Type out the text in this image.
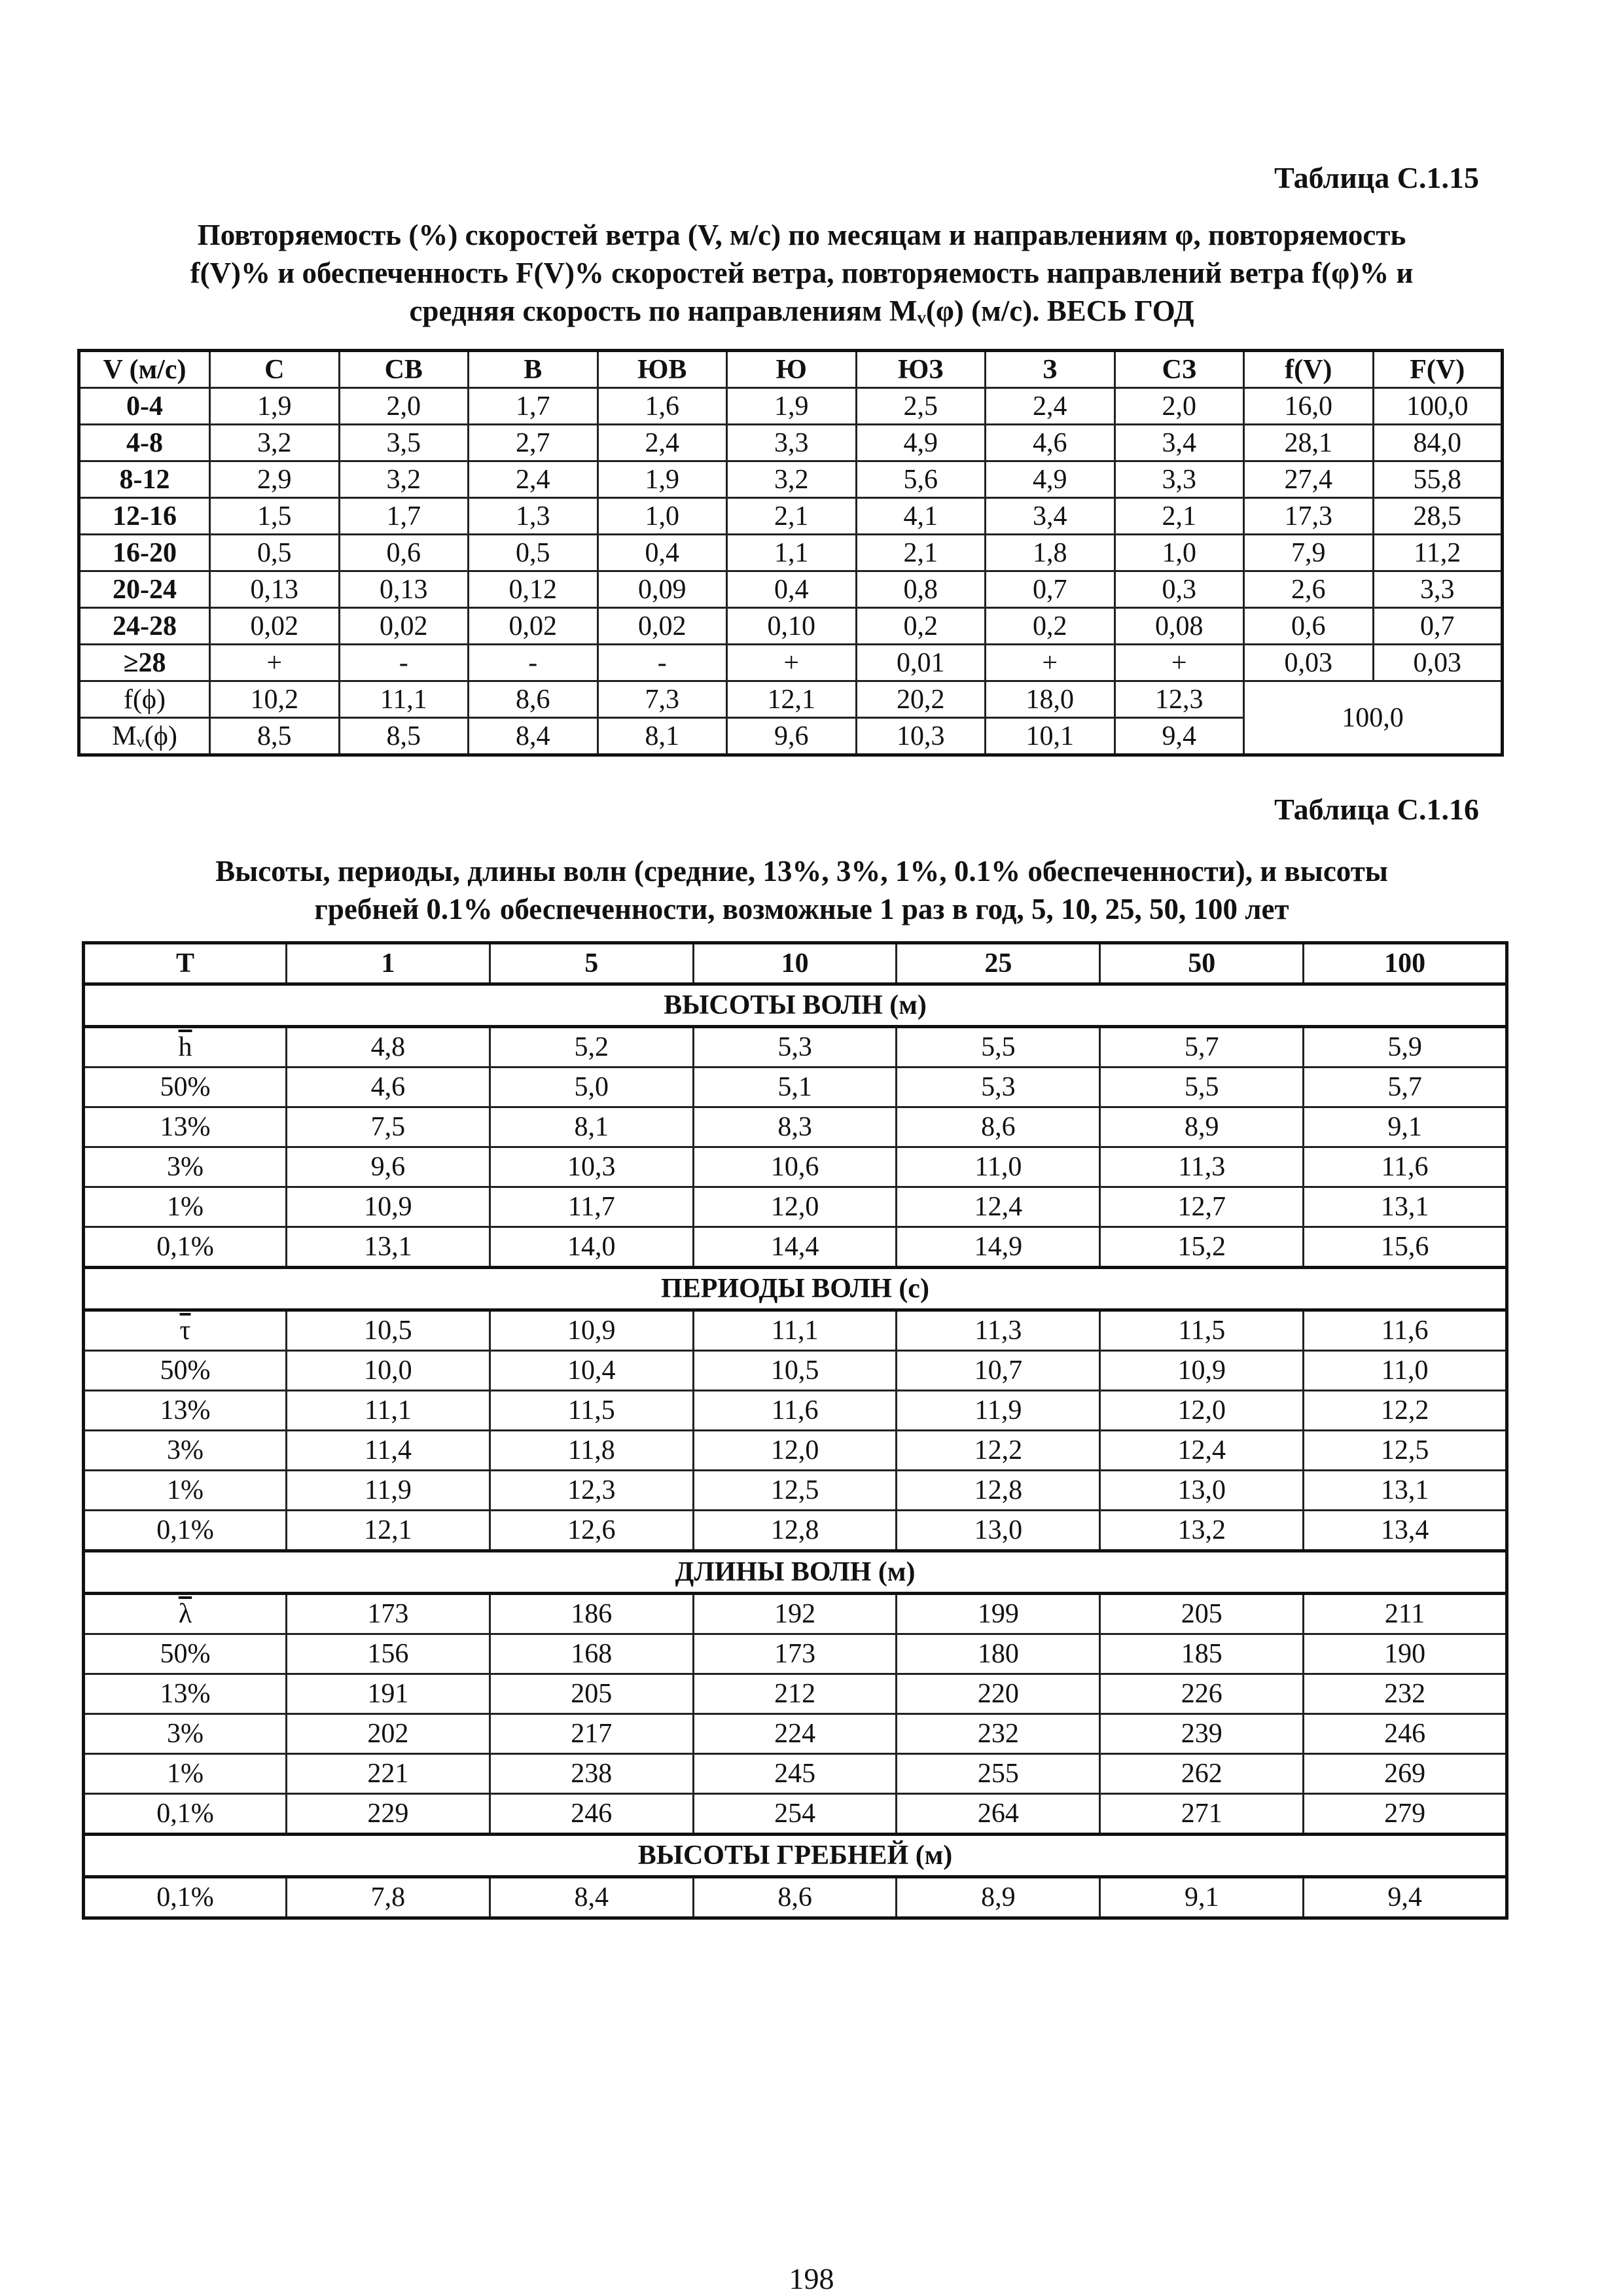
Таблица С.1.15
Повторяемость (%) скоростей ветра (V, м/с) по месяцам и направлениям φ, повторяемость
f(V)% и обеспеченность F(V)% скоростей ветра, повторяемость направлений ветра f(φ)% и
средняя скорость по направлениям Mᵥ(φ) (м/с). ВЕСЬ ГОД
V (м/с)	С	СВ	В	ЮВ	Ю	ЮЗ	З	СЗ	f(V)	F(V)
0-4	1,9	2,0	1,7	1,6	1,9	2,5	2,4	2,0	16,0	100,0
4-8	3,2	3,5	2,7	2,4	3,3	4,9	4,6	3,4	28,1	84,0
8-12	2,9	3,2	2,4	1,9	3,2	5,6	4,9	3,3	27,4	55,8
12-16	1,5	1,7	1,3	1,0	2,1	4,1	3,4	2,1	17,3	28,5
16-20	0,5	0,6	0,5	0,4	1,1	2,1	1,8	1,0	7,9	11,2
20-24	0,13	0,13	0,12	0,09	0,4	0,8	0,7	0,3	2,6	3,3
24-28	0,02	0,02	0,02	0,02	0,10	0,2	0,2	0,08	0,6	0,7
≥28	+	-	-	-	+	0,01	+	+	0,03	0,03
f(ϕ)	10,2	11,1	8,6	7,3	12,1	20,2	18,0	12,3	100,0	
Mᵥ(ϕ)	8,5	8,5	8,4	8,1	9,6	10,3	10,1	9,4		
Таблица С.1.16
Высоты, периоды, длины волн (средние, 13%, 3%, 1%, 0.1% обеспеченности), и высоты
гребней 0.1% обеспеченности, возможные 1 раз в год, 5, 10, 25, 50, 100 лет
T	1	5	10	25	50	100
ВЫСОТЫ ВОЛН (м)						
$\overline{h}$	4,8	5,2	5,3	5,5	5,7	5,9
50%	4,6	5,0	5,1	5,3	5,5	5,7
13%	7,5	8,1	8,3	8,6	8,9	9,1
3%	9,6	10,3	10,6	11,0	11,3	11,6
1%	10,9	11,7	12,0	12,4	12,7	13,1
0,1%	13,1	14,0	14,4	14,9	15,2	15,6
ПЕРИОДЫ ВОЛН (с)						
$\overline{\tau}$	10,5	10,9	11,1	11,3	11,5	11,6
50%	10,0	10,4	10,5	10,7	10,9	11,0
13%	11,1	11,5	11,6	11,9	12,0	12,2
3%	11,4	11,8	12,0	12,2	12,4	12,5
1%	11,9	12,3	12,5	12,8	13,0	13,1
0,1%	12,1	12,6	12,8	13,0	13,2	13,4
ДЛИНЫ ВОЛН (м)						
$\overline{\lambda}$	173	186	192	199	205	211
50%	156	168	173	180	185	190
13%	191	205	212	220	226	232
3%	202	217	224	232	239	246
1%	221	238	245	255	262	269
0,1%	229	246	254	264	271	279
ВЫСОТЫ ГРЕБНЕЙ (м)						
0,1%	7,8	8,4	8,6	8,9	9,1	9,4
198
